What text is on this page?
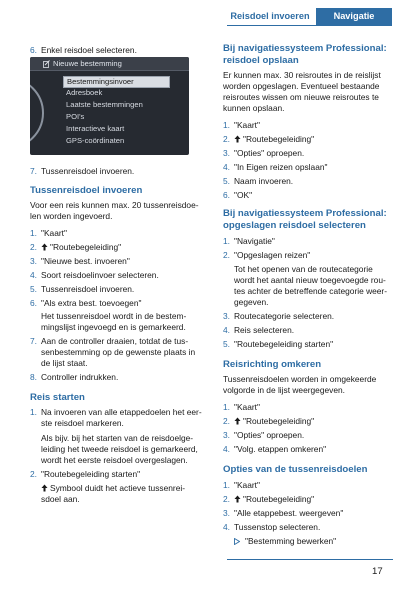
Reisdoel invoeren	Navigatie
6. Enkel reisdoel selecteren.
Nieuwe bestemming
Bestemmingsinvoer
Adresboek
Laatste bestemmingen
POI's
Interactieve kaart
GPS-coördinaten
7. Tussenreisdoel invoeren.
Tussenreisdoel invoeren
Voor een reis kunnen max. 20 tussenreisdoe-
len worden ingevoerd.
1. "Kaart"
2.	"Routebegeleiding"
3. "Nieuwe best. invoeren"
4. Soort reisdoelinvoer selecteren.
5. Tussenreisdoel invoeren.
6. "Als extra best. toevoegen"
Het tussenreisdoel wordt in de bestem-
mingslijst ingevoegd en is gemarkeerd.
7. Aan de controller draaien, totdat de tus-
senbestemming op de gewenste plaats in
de lijst staat.
8. Controller indrukken.
Reis starten
1. Na invoeren van alle etappedoelen het eer-
ste reisdoel markeren.
Als bijv. bij het starten van de reisdoelge-
leiding het tweede reisdoel is gemarkeerd,
wordt het eerste reisdoel overgeslagen.
2. "Routebegeleiding starten"
Symbool duidt het actieve tussenrei-
sdoel aan.
Bij navigatiessysteem Professional:
reisdoel opslaan
Er kunnen max. 30 reisroutes in de reislijst
worden opgeslagen. Eventueel bestaande
reisroutes wissen om nieuwe reisroutes te
kunnen opslaan.
1. "Kaart"
2.	"Routebegeleiding"
3. "Opties" oproepen.
4. "In Eigen reizen opslaan"
5. Naam invoeren.
6. "OK"
Bij navigatiessysteem Professional:
opgeslagen reisdoel selecteren
1. "Navigatie"
2. "Opgeslagen reizen"
Tot het openen van de routecategorie
wordt het aantal nieuw toegevoegde rou-
tes achter de betreffende categorie weer-
gegeven.
3. Routecategorie selecteren.
4. Reis selecteren.
5. "Routebegeleiding starten"
Reisrichting omkeren
Tussenreisdoelen worden in omgekeerde
volgorde in de lijst weergegeven.
1. "Kaart"
2.	"Routebegeleiding"
3. "Opties" oproepen.
4. "Volg. etappen omkeren"
Opties van de tussenreisdoelen
1. "Kaart"
2.	"Routebegeleiding"
3. "Alle etappebest. weergeven"
4. Tussenstop selecteren.
"Bestemming bewerken"
17
